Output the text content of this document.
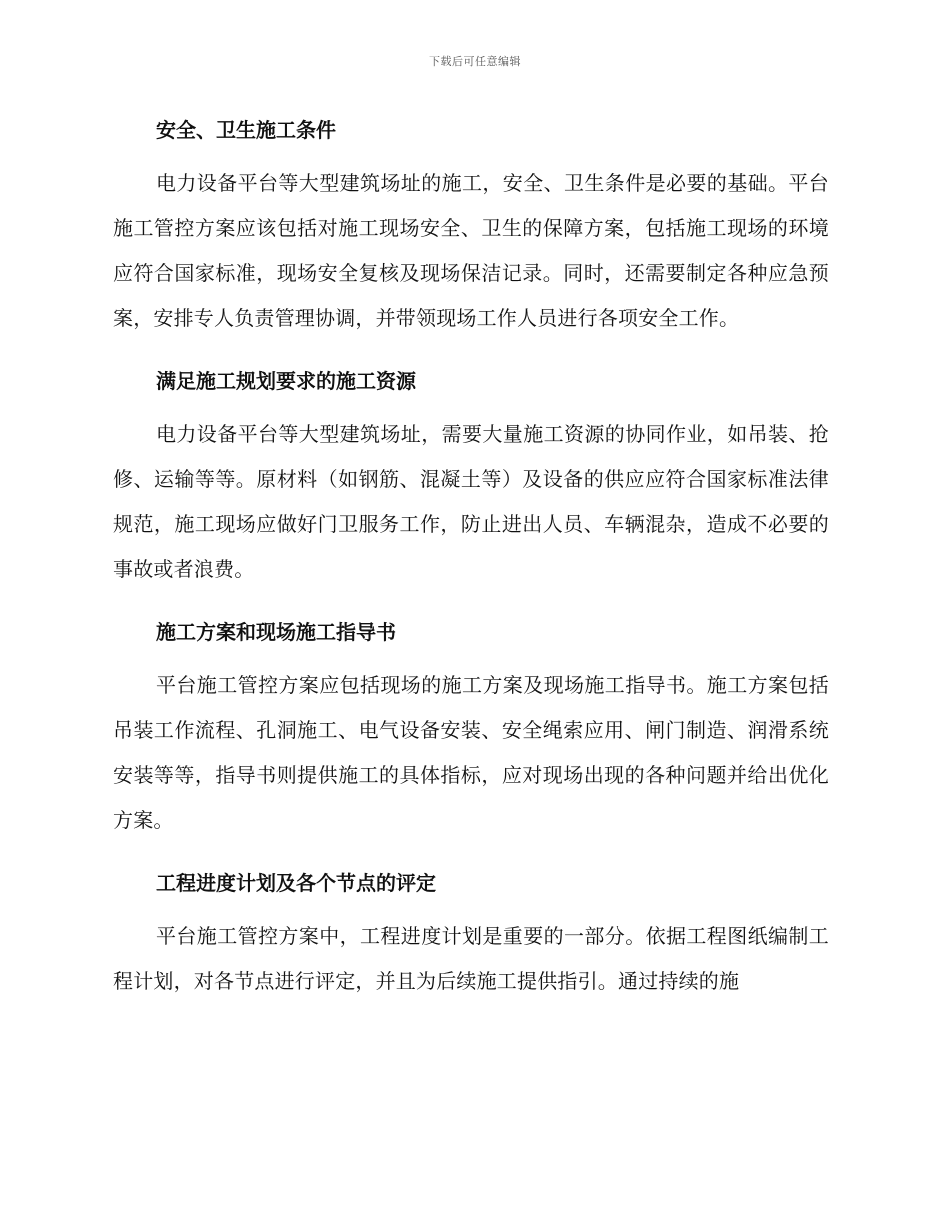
下载后可任意编辑
安全、卫生施工条件

电力设备平台等大型建筑场址的施工，安全、卫生条件是必要的基础。平台施工管控方案应该包括对施工现场安全、卫生的保障方案，包括施工现场的环境应符合国家标准，现场安全复核及现场保洁记录。同时，还需要制定各种应急预案，安排专人负责管理协调，并带领现场工作人员进行各项安全工作。

满足施工规划要求的施工资源

电力设备平台等大型建筑场址，需要大量施工资源的协同作业，如吊装、抢修、运输等等。原材料（如钢筋、混凝土等）及设备的供应应符合国家标准法律规范，施工现场应做好门卫服务工作，防止进出人员、车辆混杂，造成不必要的事故或者浪费。

施工方案和现场施工指导书

平台施工管控方案应包括现场的施工方案及现场施工指导书。施工方案包括吊装工作流程、孔洞施工、电气设备安装、安全绳索应用、闸门制造、润滑系统安装等等，指导书则提供施工的具体指标，应对现场出现的各种问题并给出优化方案。

工程进度计划及各个节点的评定

平台施工管控方案中，工程进度计划是重要的一部分。依据工程图纸编制工程计划，对各节点进行评定，并且为后续施工提供指引。通过持续的施
